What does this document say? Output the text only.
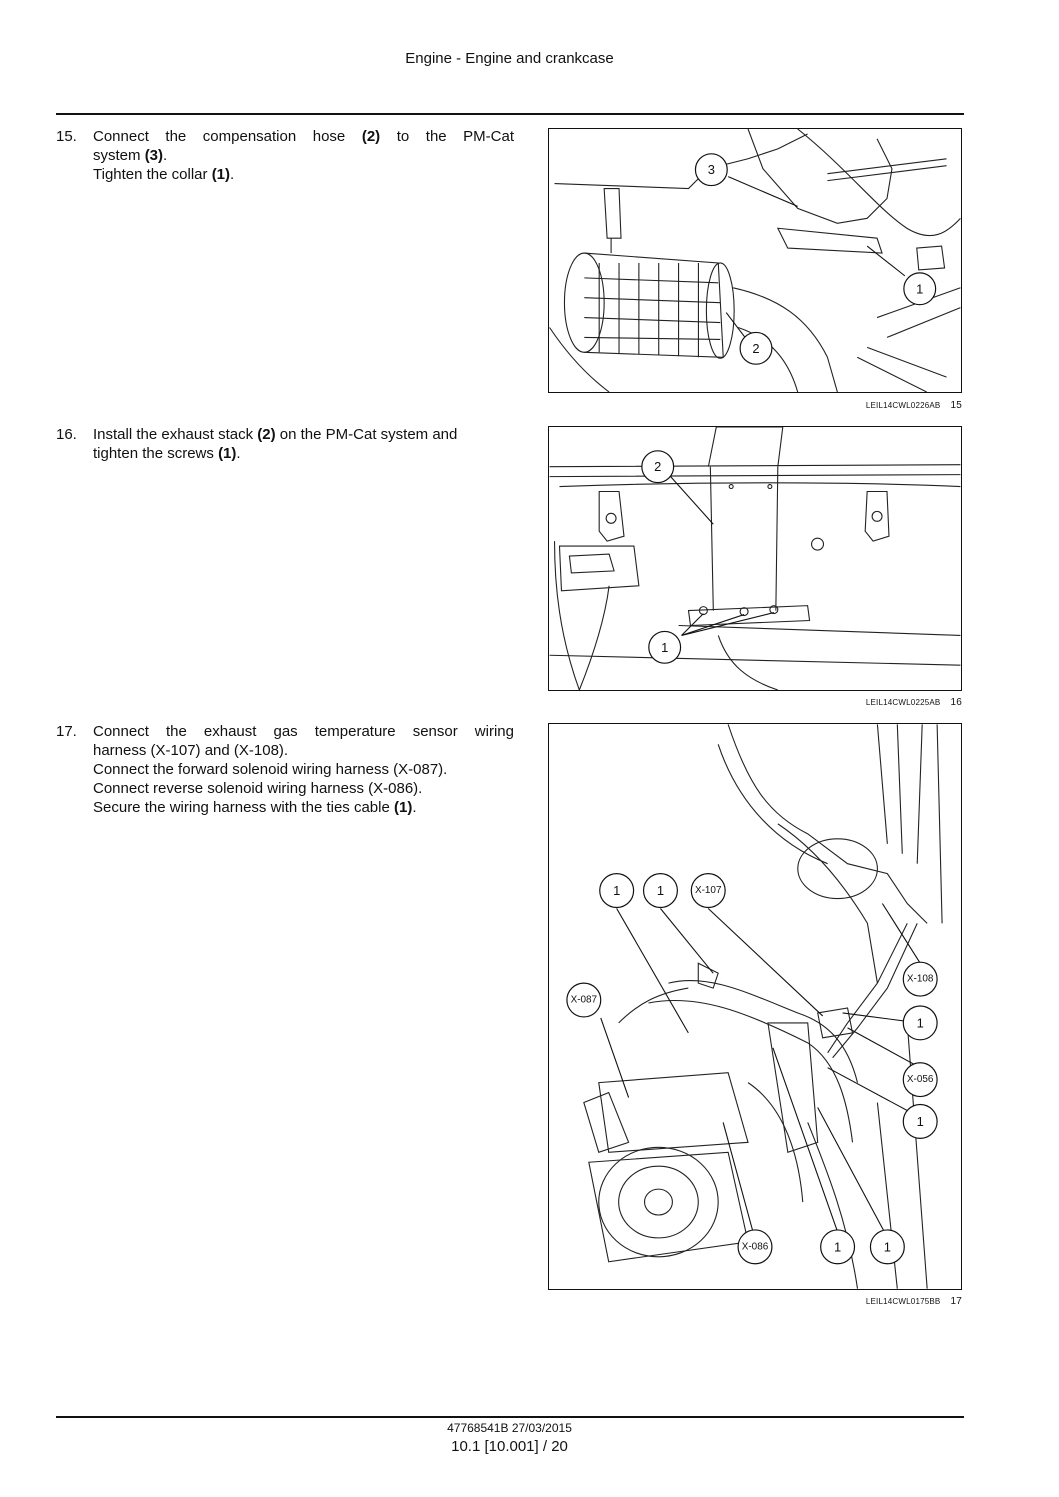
Engine - Engine and crankcase
15. Connect the compensation hose (2) to the PM-Cat
system (3).
Tighten the collar (1).	3
1
2
LEIL14CWL0226AB 15
16. Install the exhaust stack (2) on the PM-Cat system and
tighten the screws (1).
2
1
LEIL14CWL0225AB 16
17. Connect the exhaust gas temperature sensor wiring
harness (X-107) and (X-108).
Connect the forward solenoid wiring harness (X-087).
Connect reverse solenoid wiring harness (X-086).
Secure the wiring harness with the ties cable (1).
1	1	X-107
X-087
X-108
1
X-056
1
X-086	1	1
LEIL14CWL0175BB 17
47768541B 27/03/2015
10.1 [10.001] / 20
